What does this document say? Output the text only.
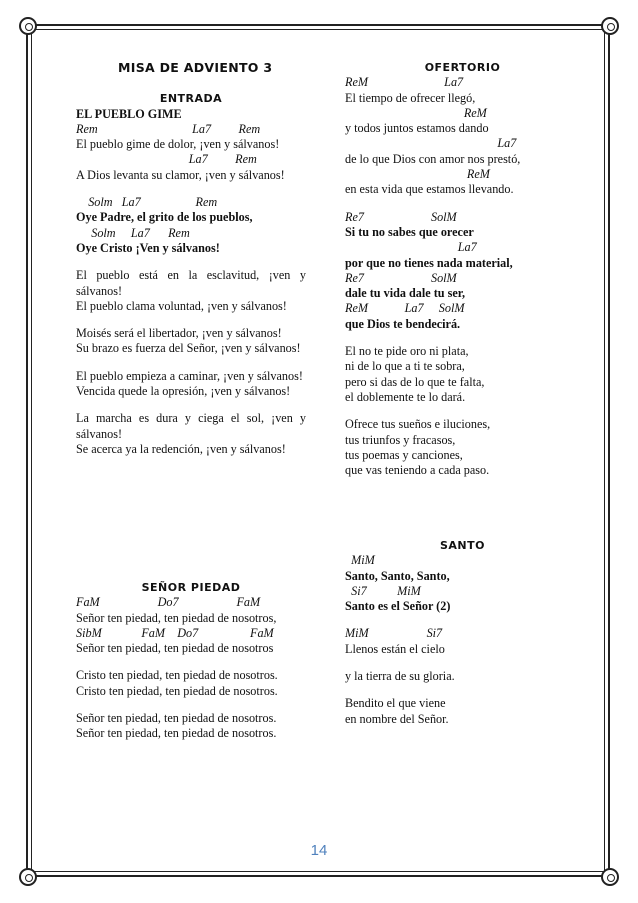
MISA DE ADVIENTO 3
ENTRADA
EL PUEBLO GIME
Rem                               La7         Rem
El pueblo gime de dolor, ¡ven y sálvanos!
La7         Rem
A Dios levanta su clamor, ¡ven y sálvanos!
Solm   La7                  Rem
Oye Padre, el grito de los pueblos,
Solm     La7      Rem
Oye Cristo ¡Ven y sálvanos!
El pueblo está en la esclavitud, ¡ven y sálvanos!
El pueblo clama voluntad, ¡ven y sálvanos!
Moisés será el libertador, ¡ven y sálvanos!
Su brazo es fuerza del Señor, ¡ven y sálvanos!
El pueblo empieza a caminar, ¡ven y sálvanos!
Vencida quede la opresión, ¡ven y sálvanos!
La marcha es dura y ciega el sol, ¡ven y sálvanos!
Se acerca ya la redención, ¡ven y sálvanos!
SEÑOR PIEDAD
FaM                   Do7                   FaM
Señor ten piedad, ten piedad de nosotros,
SibM             FaM    Do7                 FaM
Señor ten piedad, ten piedad de nosotros
Cristo ten piedad, ten piedad de nosotros.
Cristo ten piedad, ten piedad de nosotros.
Señor ten piedad, ten piedad de nosotros.
Señor ten piedad, ten piedad de nosotros.
OFERTORIO
ReM                         La7
El tiempo de ofrecer llegó,
ReM
y todos juntos estamos dando
La7
de lo que Dios con amor nos prestó,
ReM
en esta vida que estamos llevando.
Re7                      SolM
Si tu no sabes que orecer
La7
por que no tienes nada material,
Re7                      SolM
dale tu vida dale tu ser,
ReM            La7     SolM
que Dios te bendecirá.
El no te pide oro ni plata,
ni de lo que a ti te sobra,
pero si das de lo que te falta,
el doblemente te lo dará.
Ofrece tus sueños e iluciones,
tus triunfos y fracasos,
tus poemas y canciones,
que vas teniendo a cada paso.
SANTO
MiM
Santo, Santo, Santo,
Si7          MiM
Santo es el Señor (2)
MiM                   Si7
Llenos están el cielo
y la tierra de su gloria.
Bendito el que viene
en nombre del Señor.
14
